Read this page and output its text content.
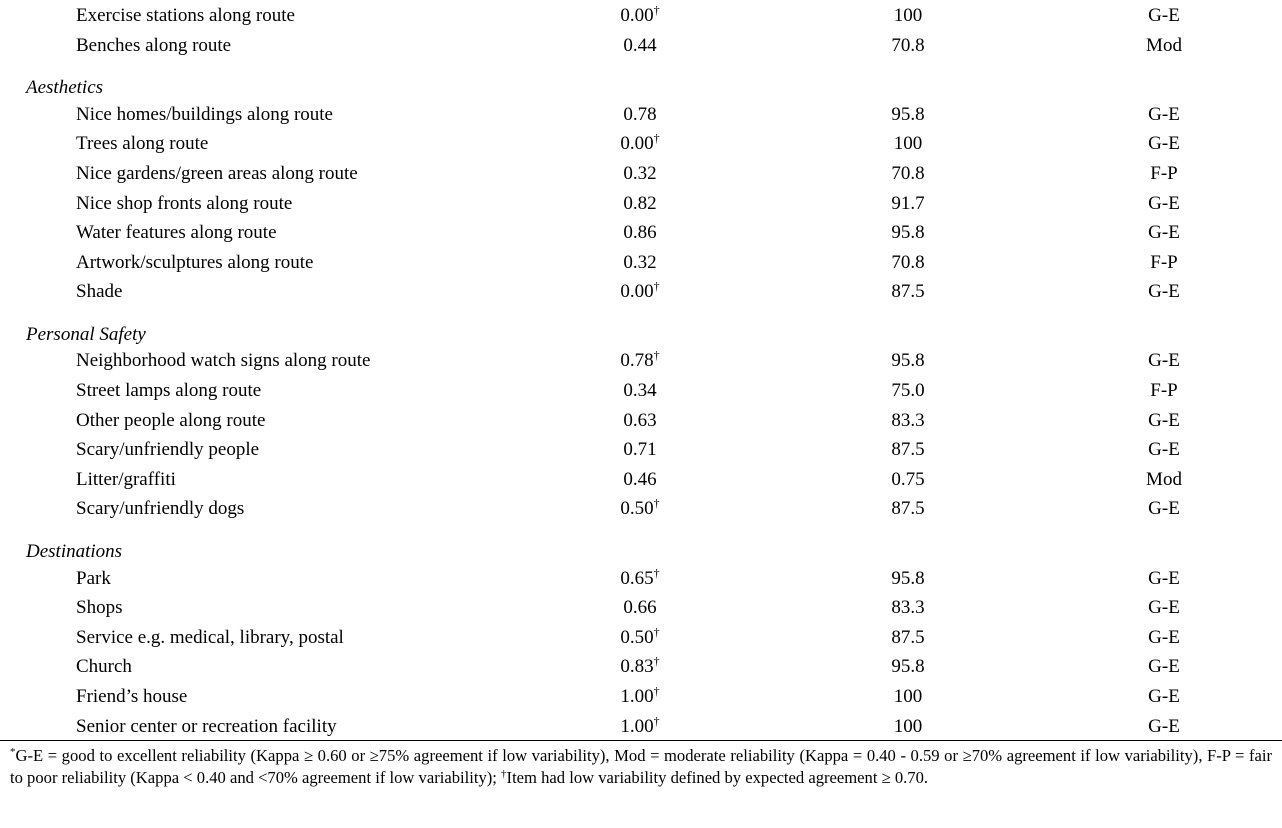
Exercise stations along route	0.00†	100	G-E
Benches along route	0.44	70.8	Mod
Aesthetics
Nice homes/buildings along route	0.78	95.8	G-E
Trees along route	0.00†	100	G-E
Nice gardens/green areas along route	0.32	70.8	F-P
Nice shop fronts along route	0.82	91.7	G-E
Water features along route	0.86	95.8	G-E
Artwork/sculptures along route	0.32	70.8	F-P
Shade	0.00†	87.5	G-E
Personal Safety
Neighborhood watch signs along route	0.78†	95.8	G-E
Street lamps along route	0.34	75.0	F-P
Other people along route	0.63	83.3	G-E
Scary/unfriendly people	0.71	87.5	G-E
Litter/graffiti	0.46	0.75	Mod
Scary/unfriendly dogs	0.50†	87.5	G-E
Destinations
Park	0.65†	95.8	G-E
Shops	0.66	83.3	G-E
Service e.g. medical, library, postal	0.50†	87.5	G-E
Church	0.83†	95.8	G-E
Friend’s house	1.00†	100	G-E
Senior center or recreation facility	1.00†	100	G-E
*G-E = good to excellent reliability (Kappa ≥ 0.60 or ≥75% agreement if low variability), Mod = moderate reliability (Kappa = 0.40 - 0.59 or ≥70% agreement if low variability), F-P = fair to poor reliability (Kappa < 0.40 and <70% agreement if low variability); †Item had low variability defined by expected agreement ≥ 0.70.
